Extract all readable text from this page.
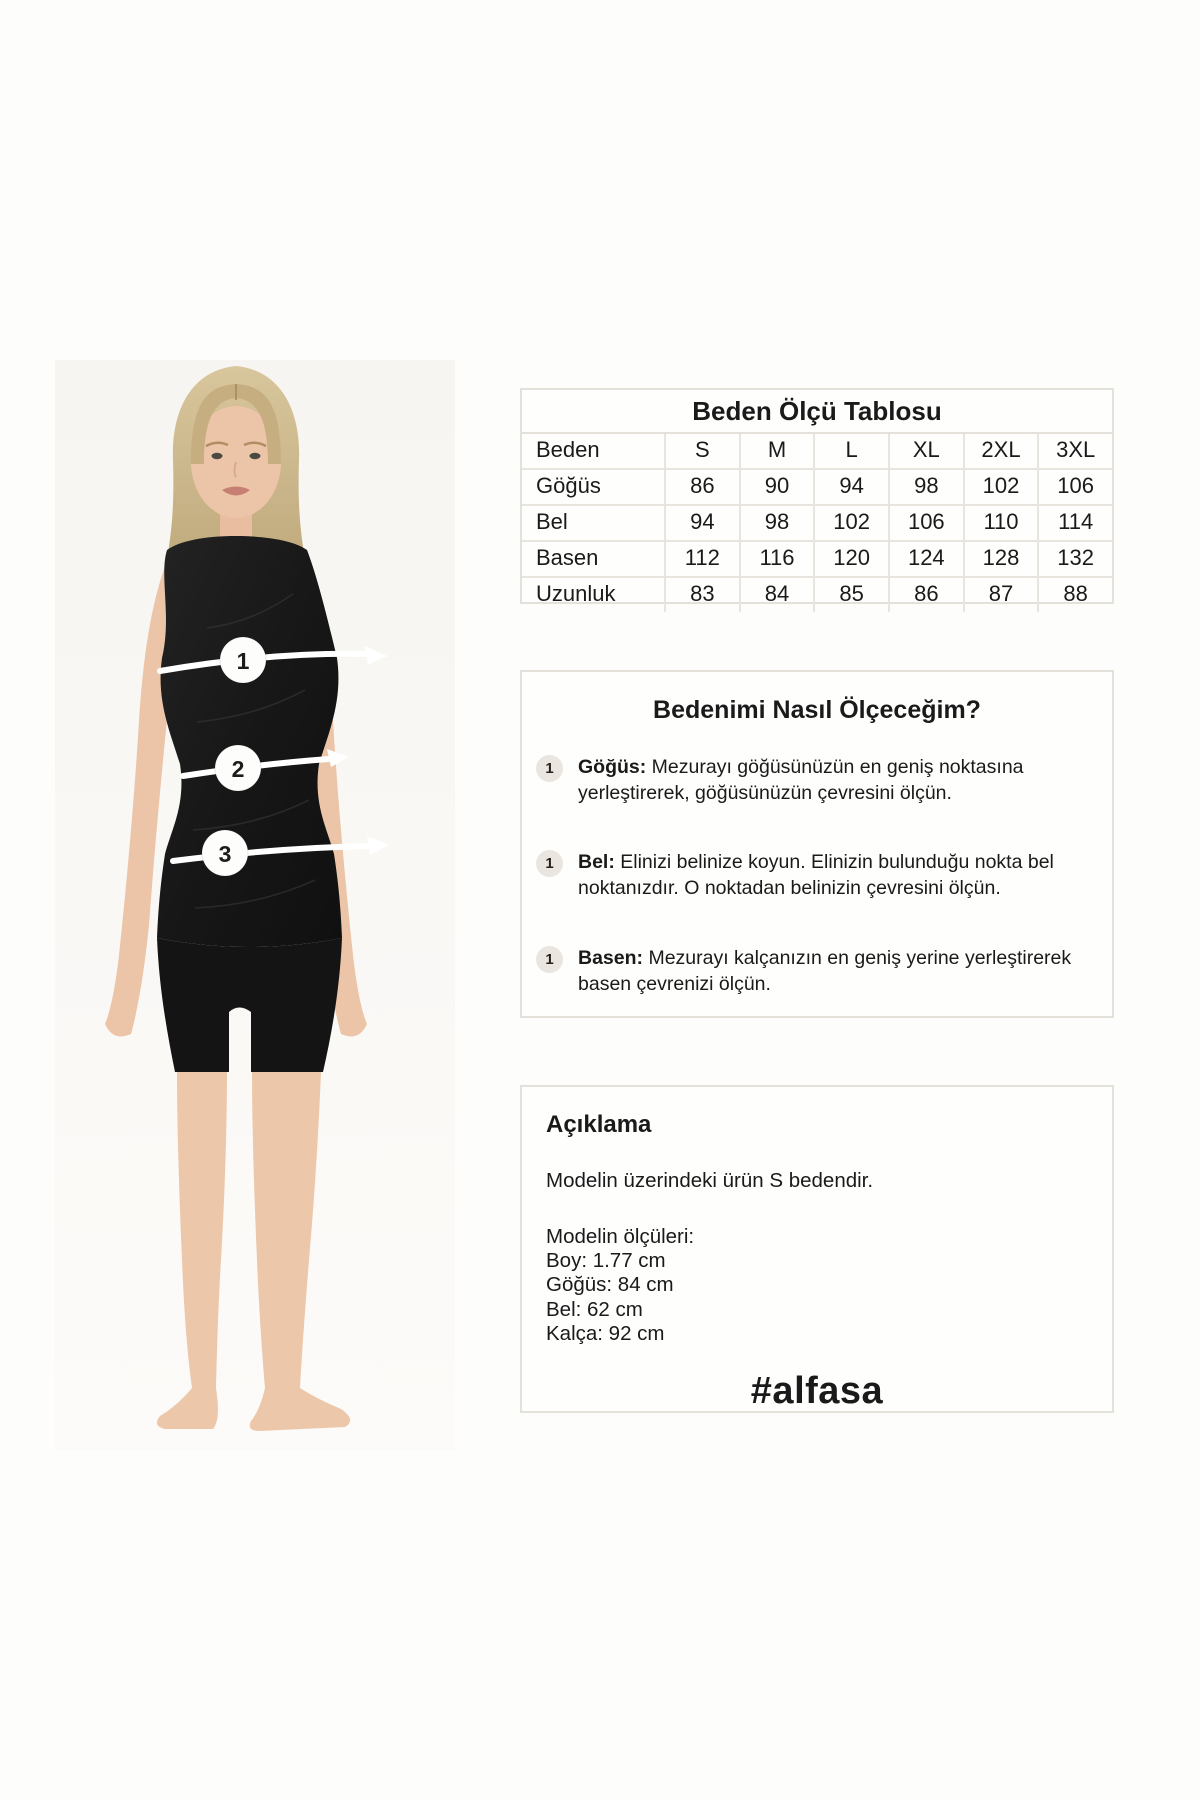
1
2
3
Beden Ölçü Tablosu
Beden	S	M	L	XL	2XL	3XL
Göğüs	86	90	94	98	102	106
Bel	94	98	102	106	110	114
Basen	112	116	120	124	128	132
Uzunluk	83	84	85	86	87	88
Bedenimi Nasıl Ölçeceğim?
1	Göğüs: Mezurayı göğüsünüzün en geniş noktasına yerleştirerek, göğüsünüzün çevresini ölçün.
1	Bel: Elinizi belinize koyun. Elinizin bulunduğu nokta bel noktanızdır. O noktadan belinizin çevresini ölçün.
1	Basen: Mezurayı kalçanızın en geniş yerine yerleştirerek basen çevrenizi ölçün.
Açıklama
Modelin üzerindeki ürün S bedendir.
Modelin ölçüleri:
Boy: 1.77 cm
Göğüs: 84 cm
Bel: 62 cm
Kalça: 92 cm
#alfasa
